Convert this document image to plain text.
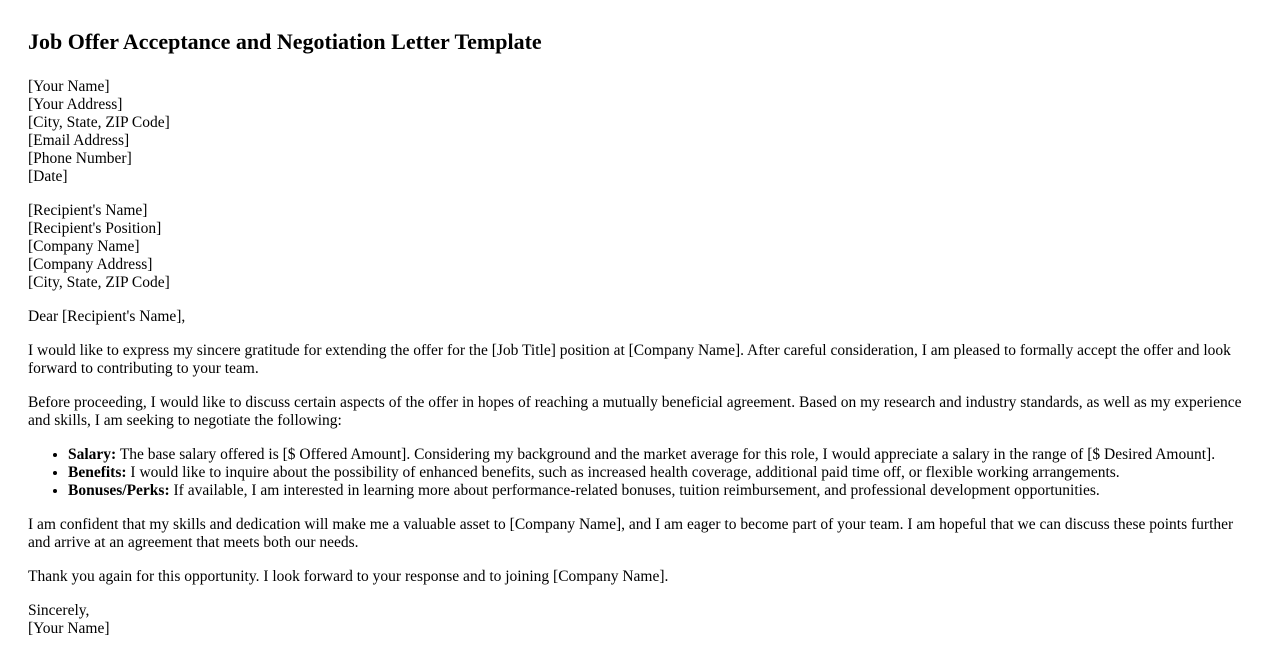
Job Offer Acceptance and Negotiation Letter Template
[Your Name]
[Your Address]
[City, State, ZIP Code]
[Email Address]
[Phone Number]
[Date]
[Recipient's Name]
[Recipient's Position]
[Company Name]
[Company Address]
[City, State, ZIP Code]

Dear [Recipient's Name],

I would like to express my sincere gratitude for extending the offer for the [Job Title] position at [Company Name]. After careful consideration, I am pleased to formally accept the offer and look forward to contributing to your team.

Before proceeding, I would like to discuss certain aspects of the offer in hopes of reaching a mutually beneficial agreement. Based on my research and industry standards, as well as my experience and skills, I am seeking to negotiate the following:

• Salary: The base salary offered is [$ Offered Amount]. Considering my background and the market average for this role, I would appreciate a salary in the range of [$ Desired Amount].
• Benefits: I would like to inquire about the possibility of enhanced benefits, such as increased health coverage, additional paid time off, or flexible working arrangements.
• Bonuses/Perks: If available, I am interested in learning more about performance-related bonuses, tuition reimbursement, and professional development opportunities.

I am confident that my skills and dedication will make me a valuable asset to [Company Name], and I am eager to become part of your team. I am hopeful that we can discuss these points further and arrive at an agreement that meets both our needs.

Thank you again for this opportunity. I look forward to your response and to joining [Company Name].

Sincerely,
[Your Name]
